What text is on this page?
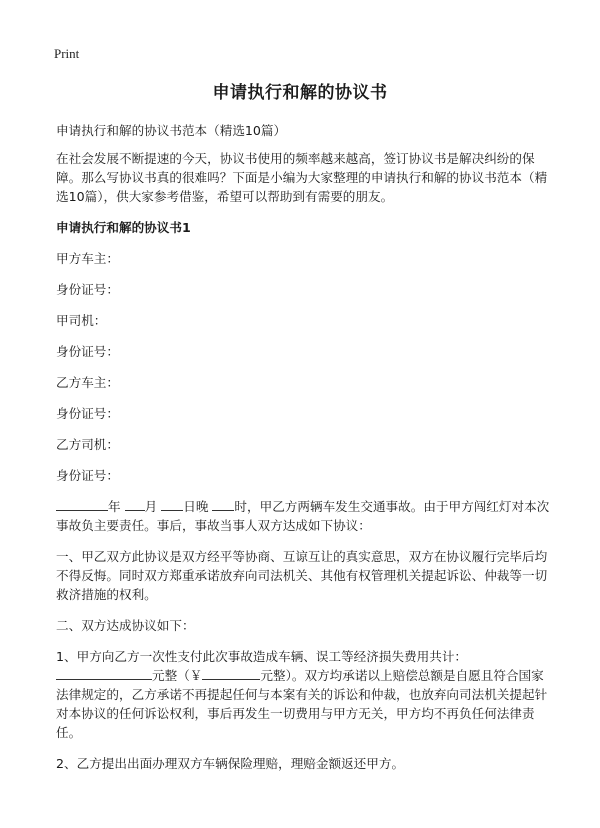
Print
申请执行和解的协议书

申请执行和解的协议书范本（精选10篇）

在社会发展不断提速的今天，协议书使用的频率越来越高，签订协议书是解决纠纷的保障。那么写协议书真的很难吗？下面是小编为大家整理的申请执行和解的协议书范本（精选10篇），供大家参考借鉴，希望可以帮助到有需要的朋友。

申请执行和解的协议书1

甲方车主：

身份证号：

甲司机：

身份证号：

乙方车主：

身份证号：

乙方司机：

身份证号：

年 月 日晚 时，甲乙方两辆车发生交通事故。由于甲方闯红灯对本次事故负主要责任。事后，事故当事人双方达成如下协议：

一、甲乙双方此协议是双方经平等协商、互谅互让的真实意思，双方在协议履行完毕后均不得反悔。同时双方郑重承诺放弃向司法机关、其他有权管理机关提起诉讼、仲裁等一切救济措施的权利。

二、双方达成协议如下：

1、甲方向乙方一次性支付此次事故造成车辆、误工等经济损失费用共计：
元整（￥	元整）。双方均承诺以上赔偿总额是自愿且符合国家法律规定的，乙方承诺不再提起任何与本案有关的诉讼和仲裁，也放弃向司法机关提起针对本协议的任何诉讼权利，事后再发生一切费用与甲方无关，甲方均不再负任何法律责任。

2、乙方提出出面办理双方车辆保险理赔，理赔金额返还甲方。
